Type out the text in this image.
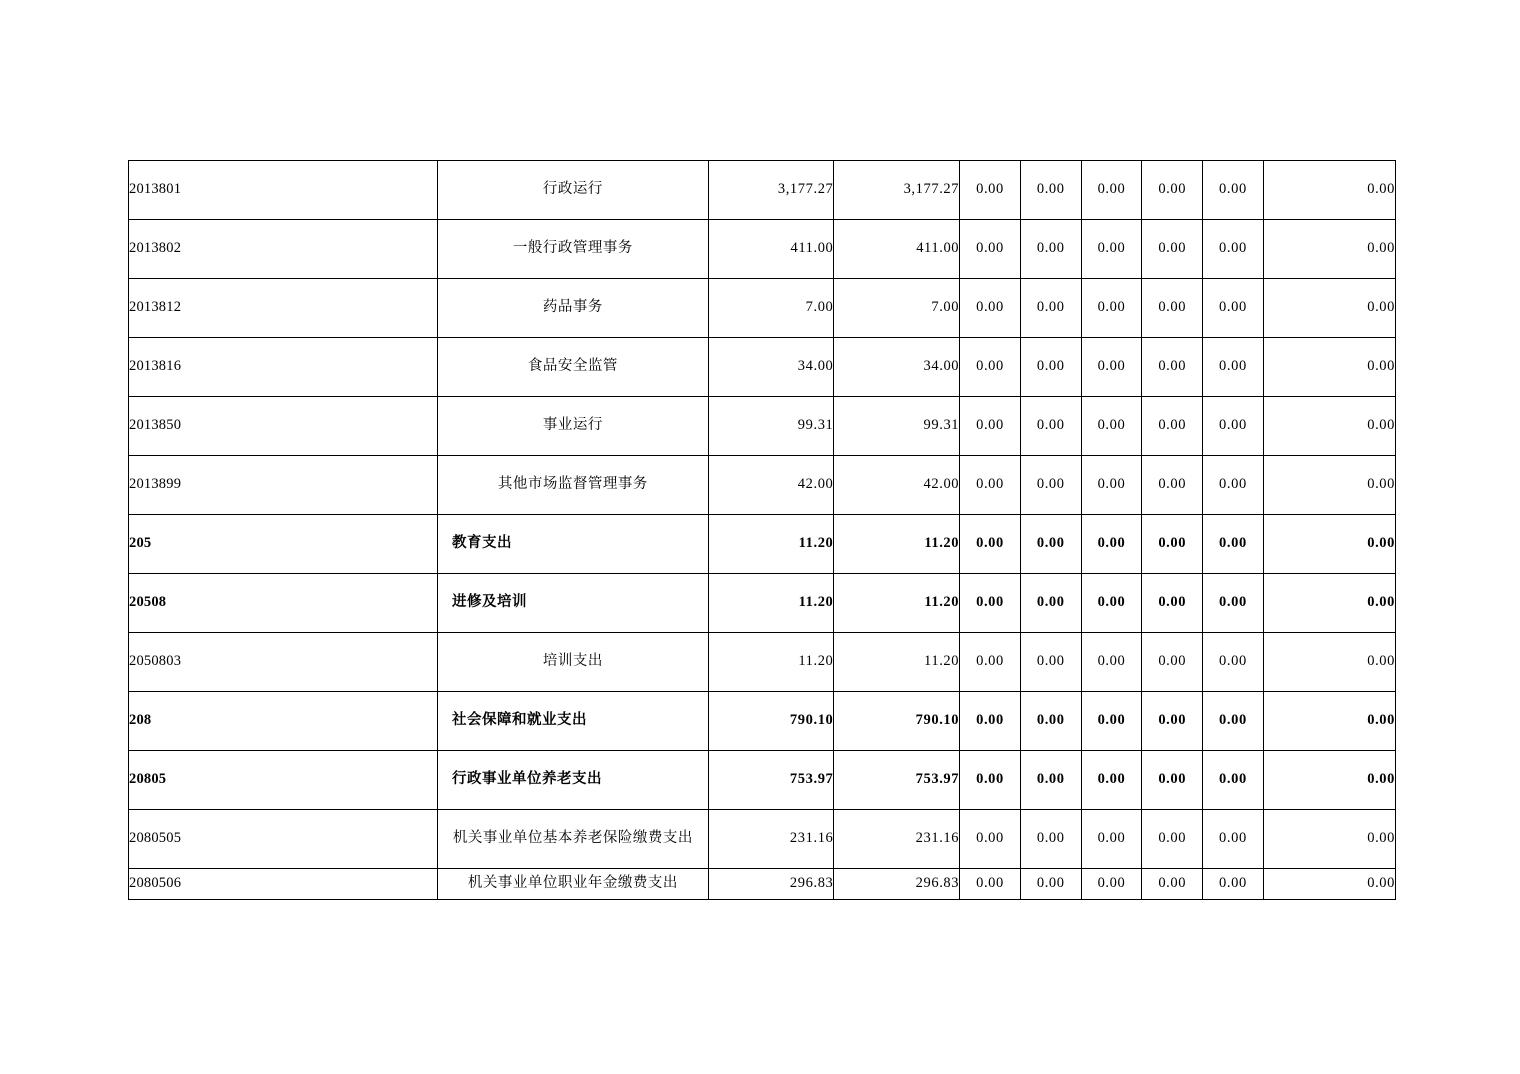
2013801	行政运行	3,177.27	3,177.27	0.00	0.00	0.00	0.00	0.00	0.00
2013802	一般行政管理事务	411.00	411.00	0.00	0.00	0.00	0.00	0.00	0.00
2013812	药品事务	7.00	7.00	0.00	0.00	0.00	0.00	0.00	0.00
2013816	食品安全监管	34.00	34.00	0.00	0.00	0.00	0.00	0.00	0.00
2013850	事业运行	99.31	99.31	0.00	0.00	0.00	0.00	0.00	0.00
2013899	其他市场监督管理事务	42.00	42.00	0.00	0.00	0.00	0.00	0.00	0.00
205	教育支出	11.20	11.20	0.00	0.00	0.00	0.00	0.00	0.00
20508	进修及培训	11.20	11.20	0.00	0.00	0.00	0.00	0.00	0.00
2050803	培训支出	11.20	11.20	0.00	0.00	0.00	0.00	0.00	0.00
208	社会保障和就业支出	790.10	790.10	0.00	0.00	0.00	0.00	0.00	0.00
20805	行政事业单位养老支出	753.97	753.97	0.00	0.00	0.00	0.00	0.00	0.00
2080505	机关事业单位基本养老保险缴费支出	231.16	231.16	0.00	0.00	0.00	0.00	0.00	0.00
2080506	机关事业单位职业年金缴费支出	296.83	296.83	0.00	0.00	0.00	0.00	0.00	0.00
